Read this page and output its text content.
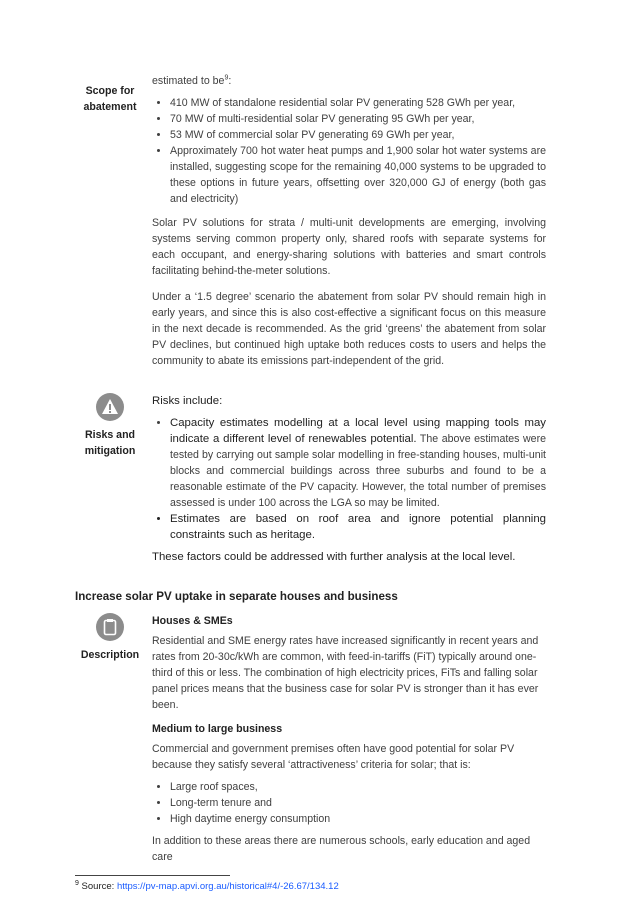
Scope for abatement

estimated to $be^9$:

• 410 MW of standalone residential solar PV generating 528 GWh per year,
• 70 MW of multi-residential solar PV generating 95 GWh per year,
• 53 MW of commercial solar PV generating 69 GWh per year,
• Approximately 700 hot water heat pumps and 1,900 solar hot water systems are installed, suggesting scope for the remaining 40,000 systems to be upgraded to these options in future years, offsetting over 320,000 GJ of energy (both gas and electricity)

Solar PV solutions for strata / multi-unit developments are emerging, involving systems serving common property only, shared roofs with separate systems for each occupant, and energy-sharing solutions with batteries and smart controls facilitating behind-the-meter solutions.

Under a ‘1.5 degree’ scenario the abatement from solar PV should remain high in early years, and since this is also cost-effective a significant focus on this measure in the next decade is recommended. As the grid ‘greens’ the abatement from solar PV declines, but continued high uptake both reduces costs to users and helps the community to abate its emissions part-independent of the grid.

Risks and mitigation

Risks include:

• Capacity estimates modelling at a local level using mapping tools may indicate a different level of renewables potential. The above estimates were tested by carrying out sample solar modelling in free-standing houses, multi-unit blocks and commercial buildings across three suburbs and found to be a reasonable estimate of the PV capacity. However, the total number of premises assessed is under 100 across the LGA so may be limited.
• Estimates are based on roof area and ignore potential planning constraints such as heritage.

These factors could be addressed with further analysis at the local level.

Increase solar PV uptake in separate houses and business
Description

Houses & SMEs

Residential and SME energy rates have increased significantly in recent years and rates from 20-30c/kWh are common, with feed-in-tariffs (FiT) typically around one-third of this or less. The combination of high electricity prices, FiTs and falling solar panel prices means that the business case for solar PV is stronger than it has ever been.

Medium to large business

Commercial and government premises often have good potential for solar PV because they satisfy several ‘attractiveness’ criteria for solar; that is:

• Large roof spaces,
• Long-term tenure and
• High daytime energy consumption

In addition to these areas there are numerous schools, early education and aged care

$^9$ Source: https://pv-map.apvi.org.au/historical#4/-26.67/134.12
